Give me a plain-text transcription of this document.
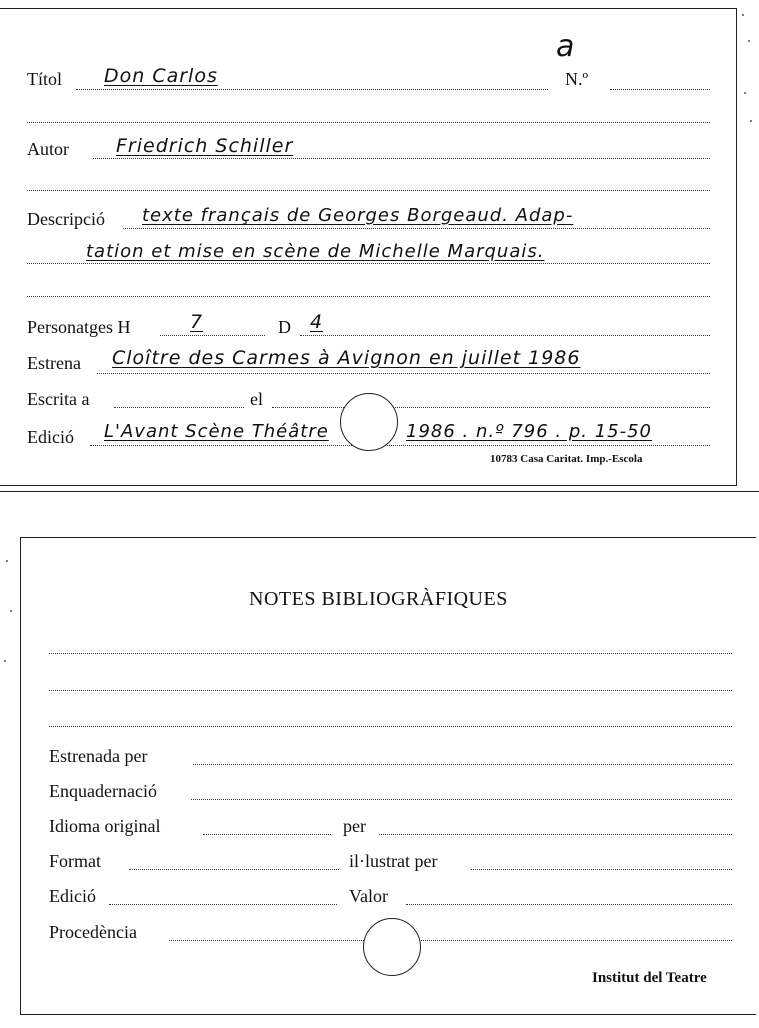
a
Títol Don Carlos	N.º
Autor Friedrich Schiller
Descripció texte français de Georges Borgeaud. Adap-
tation et mise en scène de Michelle Marquais.
Personatges H	7	D 4
Estrena Cloître des Carmes à Avignon en juillet 1986
Escrita a	el
Edició L'Avant Scène Théâtre	1986 . n.º 796 . p. 15-50
10783 Casa Caritat. Imp.-Escola
NOTES BIBLIOGRÀFIQUES
Estrenada per
Enquadernació
Idioma original	per
Format	il·lustrat per
Edició	Valor
Procedència
Institut del Teatre
